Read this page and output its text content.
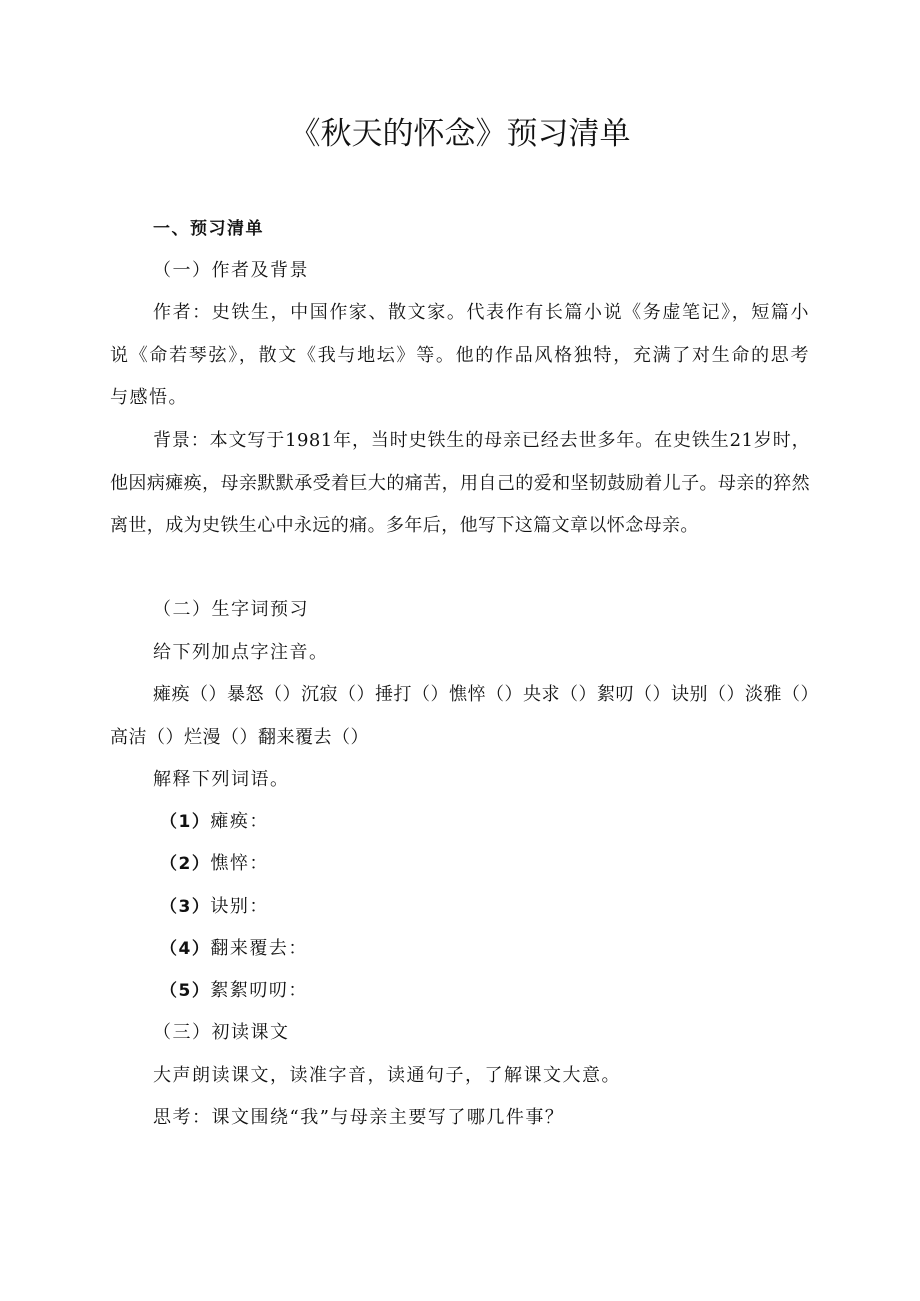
《秋天的怀念》预习清单
一、预习清单
（一）作者及背景

作者：史铁生，中国作家、散文家。代表作有长篇小说《务虚笔记》，短篇小说《命若琴弦》，散文《我与地坛》等。他的作品风格独特，充满了对生命的思考与感悟。

背景：本文写于1981年，当时史铁生的母亲已经去世多年。在史铁生21岁时，他因病瘫痪，母亲默默承受着巨大的痛苦，用自己的爱和坚韧鼓励着儿子。母亲的猝然离世，成为史铁生心中永远的痛。多年后，他写下这篇文章以怀念母亲。

（二）生字词预习
给下列加点字注音。

瘫痪（）暴怒（）沉寂（）捶打（）憔悴（）央求（）絮叨（）诀别（）淡雅（）高洁（）烂漫（）翻来覆去（）

解释下列词语。
（1）瘫痪：
（2）憔悴：
（3）诀别：
（4）翻来覆去：
（5）絮絮叨叨：
（三）初读课文
大声朗读课文，读准字音，读通句子，了解课文大意。
思考：课文围绕“我”与母亲主要写了哪几件事？
